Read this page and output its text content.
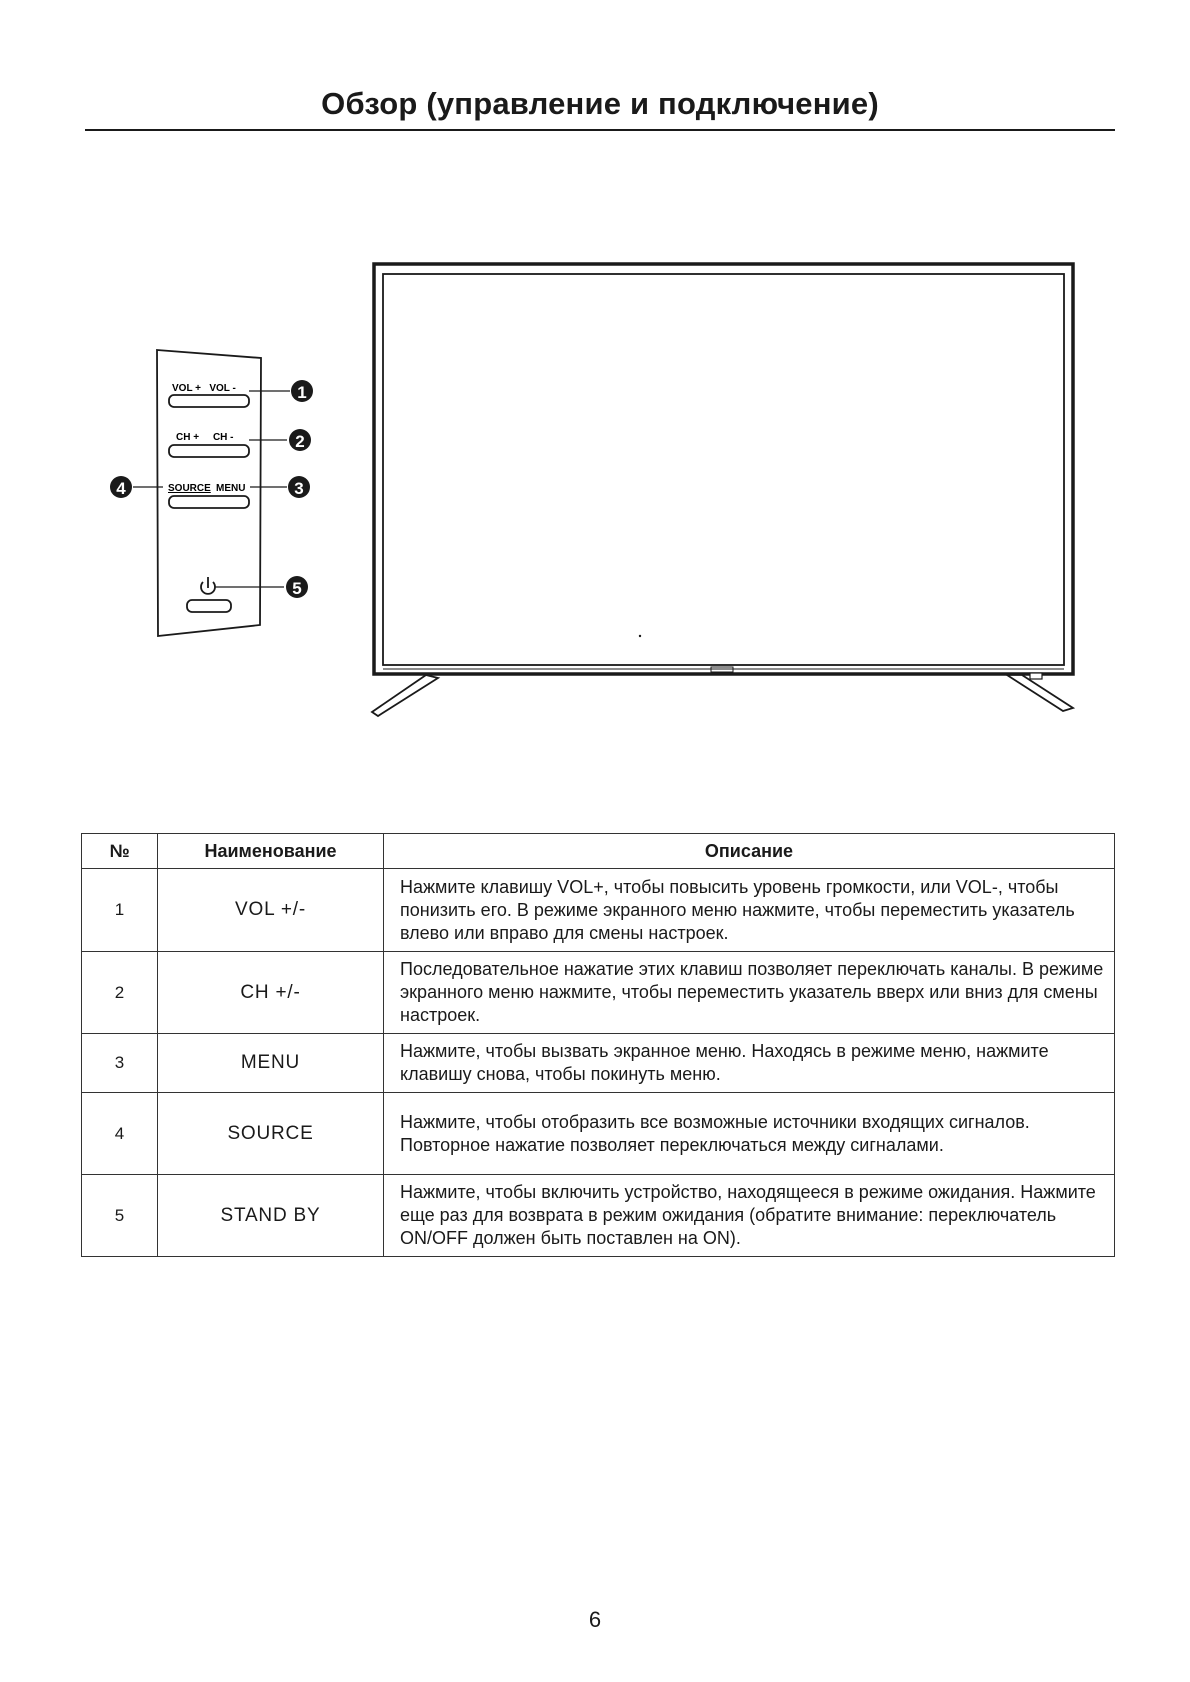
Обзор (управление и подключение)
VOL +   VOL -
CH +     CH -
SOURCE MENU
1
2
3
4
5
№	Наименование	Описание
1	VOL +/-	Нажмите клавишу VOL+, чтобы повысить уровень громкости, или VOL-, чтобы понизить его. В режиме экранного меню нажмите, чтобы переместить указатель влево или вправо для смены настроек.
2	CH +/-	Последовательное нажатие этих клавиш позволяет переключать каналы. В режиме экранного меню нажмите, чтобы переместить указатель вверх или вниз для смены настроек.
3	MENU	Нажмите, чтобы вызвать экранное меню. Находясь в режиме меню, нажмите клавишу снова, чтобы покинуть меню.
4	SOURCE	Нажмите, чтобы отобразить все возможные источники входящих сигналов. Повторное нажатие позволяет переключаться между сигналами.
5	STAND BY	Нажмите, чтобы включить устройство, находящееся в режиме ожидания. Нажмите еще раз для возврата в режим ожидания (обратите внимание: переключатель ON/OFF должен быть поставлен на ON).
6
